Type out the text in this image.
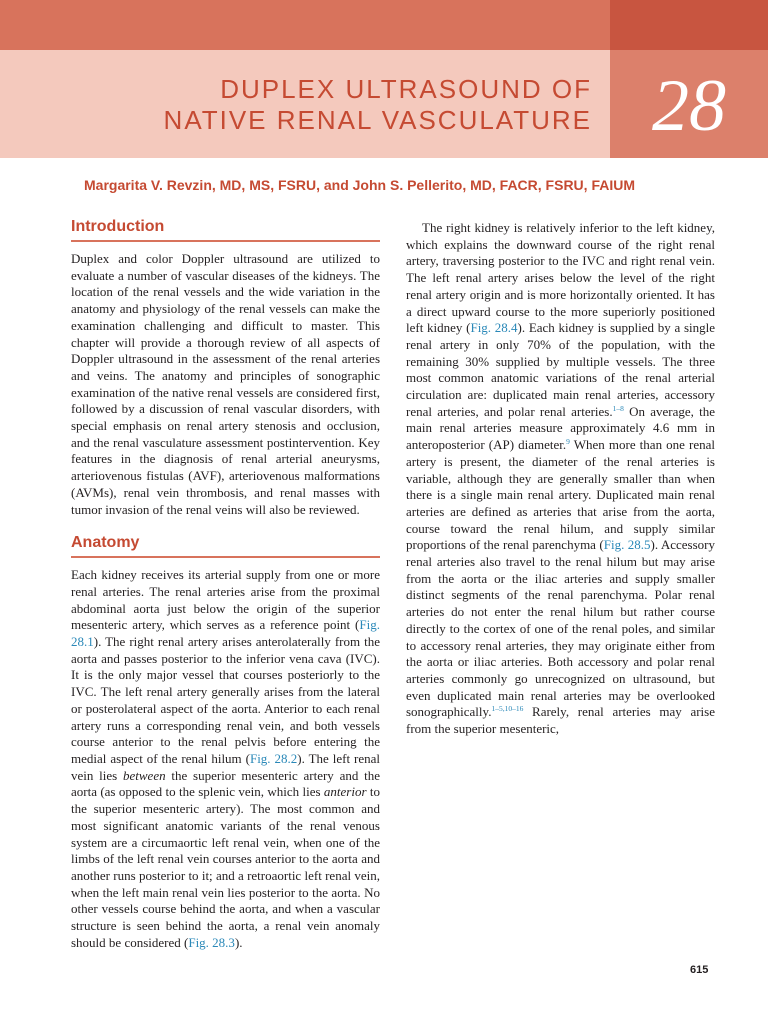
DUPLEX ULTRASOUND OF
NATIVE RENAL VASCULATURE 28
Margarita V. Revzin, MD, MS, FSRU, and John S. Pellerito, MD, FACR, FSRU, FAIUM
Introduction

Duplex and color Doppler ultrasound are utilized to evaluate a number of vascular diseases of the kidneys. The location of the renal vessels and the wide variation in the anatomy and physiology of the renal vessels can make the examination challenging and difficult to master. This chapter will provide a thorough review of all aspects of Doppler ultrasound in the assessment of the renal arteries and veins. The anatomy and principles of sonographic examination of the native renal vessels are considered first, followed by a discussion of renal vascular disorders, with special emphasis on renal artery stenosis and occlusion, and the renal vasculature assessment postintervention. Key features in the diagnosis of renal arterial aneurysms, arteriovenous fistulas (AVF), arteriovenous malformations (AVMs), renal vein thrombosis, and renal masses with tumor invasion of the renal veins will also be reviewed.

Anatomy

Each kidney receives its arterial supply from one or more renal arteries. The renal arteries arise from the proximal abdominal aorta just below the origin of the superior mesenteric artery, which serves as a reference point (Fig. 28.1). The right renal artery arises anterolaterally from the aorta and passes posterior to the inferior vena cava (IVC). It is the only major vessel that courses posteriorly to the IVC. The left renal artery generally arises from the lateral or posterolateral aspect of the aorta. Anterior to each renal artery runs a corresponding renal vein, and both vessels course anterior to the renal pelvis before entering the medial aspect of the renal hilum (Fig. 28.2). The left renal vein lies between the superior mesenteric artery and the aorta (as opposed to the splenic vein, which lies anterior to the superior mesenteric artery). The most common and most significant anatomic variants of the renal venous system are a circumaortic left renal vein, when one of the limbs of the left renal vein courses anterior to the aorta and another runs posterior to it; and a retroaortic left renal vein, when the left main renal vein lies posterior to the aorta. No other vessels course behind the aorta, and when a vascular structure is seen behind the aorta, a renal vein anomaly should be considered (Fig. 28.3).

The right kidney is relatively inferior to the left kidney, which explains the downward course of the right renal artery, traversing posterior to the IVC and right renal vein. The left renal artery arises below the level of the right renal artery origin and is more horizontally oriented. It has a direct upward course to the more superiorly positioned left kidney (Fig. 28.4). Each kidney is supplied by a single renal artery in only 70% of the population, with the remaining 30% supplied by multiple vessels. The three most common anatomic variations of the renal arterial circulation are: duplicated main renal arteries, accessory renal arteries, and polar renal arteries.$^{1-8}$ On average, the main renal arteries measure approximately 4.6 mm in anteroposterior (AP) diameter.$^9$ When more than one renal artery is present, the diameter of the renal arteries is variable, although they are generally smaller than when there is a single main renal artery. Duplicated main renal arteries are defined as arteries that arise from the aorta, course toward the renal hilum, and supply similar proportions of the renal parenchyma (Fig. 28.5). Accessory renal arteries also travel to the renal hilum but may arise from the aorta or the iliac arteries and supply smaller distinct segments of the renal parenchyma. Polar renal arteries do not enter the renal hilum but rather course directly to the cortex of one of the renal poles, and similar to accessory renal arteries, they may originate either from the aorta or iliac arteries. Both accessory and polar renal arteries commonly go unrecognized on ultrasound, but even duplicated main renal arteries may be overlooked sonographically.$^{1-5,10-16}$ Rarely, renal arteries may arise from the superior mesenteric,

615
